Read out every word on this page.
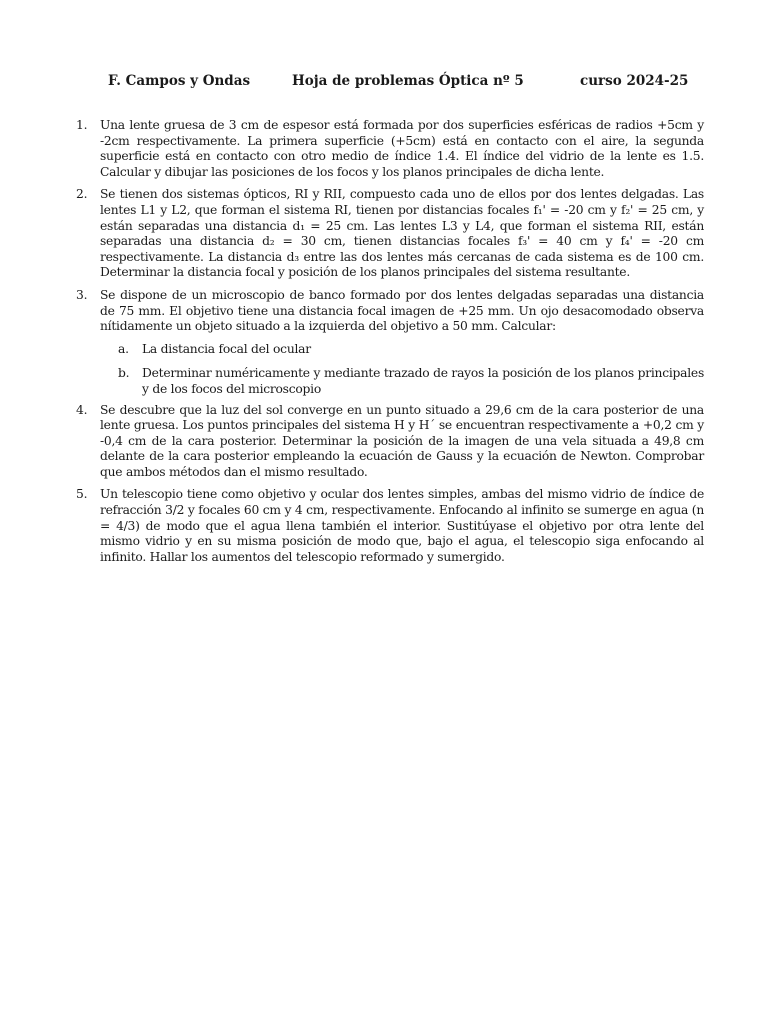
F. Campos y Ondas	Hoja de problemas Óptica nº 5	curso 2024-25
1. Una lente gruesa de 3 cm de espesor está formada por dos superficies esféricas de radios +5cm y -2cm respectivamente. La primera superficie (+5cm) está en contacto con el aire, la segunda superficie está en contacto con otro medio de índice 1.4. El índice del vidrio de la lente es 1.5. Calcular y dibujar las posiciones de los focos y los planos principales de dicha lente.
2. Se tienen dos sistemas ópticos, RI y RII, compuesto cada uno de ellos por dos lentes delgadas. Las lentes L1 y L2, que forman el sistema RI, tienen por distancias focales f₁' = -20 cm y f₂' = 25 cm, y están separadas una distancia d₁ = 25 cm. Las lentes L3 y L4, que forman el sistema RII, están separadas una distancia d₂ = 30 cm, tienen distancias focales f₃' = 40 cm y f₄' = -20 cm respectivamente. La distancia d₃ entre las dos lentes más cercanas de cada sistema es de 100 cm. Determinar la distancia focal y posición de los planos principales del sistema resultante.
3. Se dispone de un microscopio de banco formado por dos lentes delgadas separadas una distancia de 75 mm. El objetivo tiene una distancia focal imagen de +25 mm. Un ojo desacomodado observa nítidamente un objeto situado a la izquierda del objetivo a 50 mm. Calcular:
a. La distancia focal del ocular
b. Determinar numéricamente y mediante trazado de rayos la posición de los planos principales y de los focos del microscopio
4. Se descubre que la luz del sol converge en un punto situado a 29,6 cm de la cara posterior de una lente gruesa. Los puntos principales del sistema H y H´ se encuentran respectivamente a +0,2 cm y -0,4 cm de la cara posterior. Determinar la posición de la imagen de una vela situada a 49,8 cm delante de la cara posterior empleando la ecuación de Gauss y la ecuación de Newton. Comprobar que ambos métodos dan el mismo resultado.
5. Un telescopio tiene como objetivo y ocular dos lentes simples, ambas del mismo vidrio de índice de refracción 3/2 y focales 60 cm y 4 cm, respectivamente. Enfocando al infinito se sumerge en agua (n = 4/3) de modo que el agua llena también el interior. Sustitúyase el objetivo por otra lente del mismo vidrio y en su misma posición de modo que, bajo el agua, el telescopio siga enfocando al infinito. Hallar los aumentos del telescopio reformado y sumergido.
